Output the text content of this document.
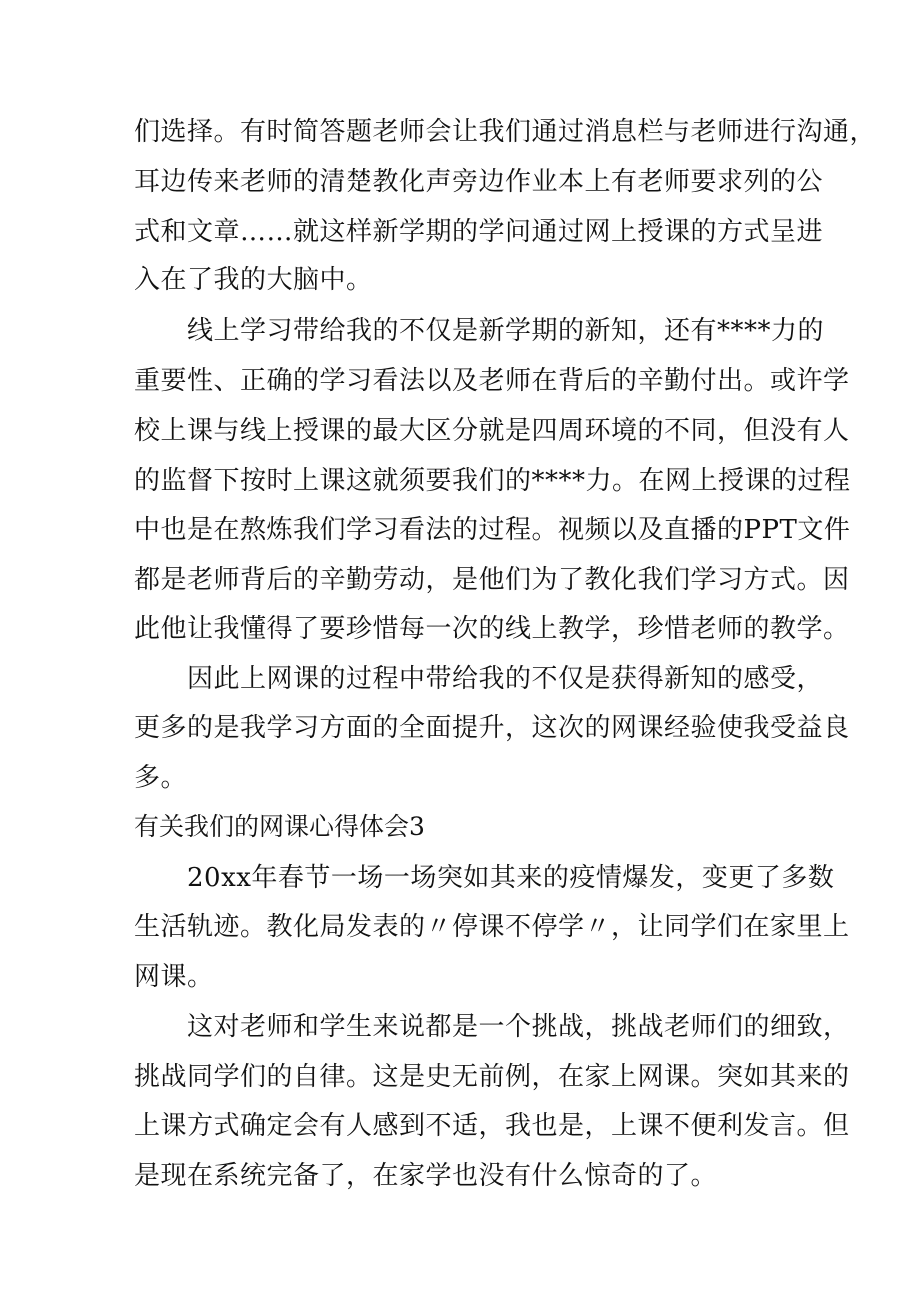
们选择。有时简答题老师会让我们通过消息栏与老师进行沟通，
耳边传来老师的清楚教化声旁边作业本上有老师要求列的公
式和文章……就这样新学期的学问通过网上授课的方式呈进
入在了我的大脑中。
线上学习带给我的不仅是新学期的新知，还有****力的
重要性、正确的学习看法以及老师在背后的辛勤付出。或许学
校上课与线上授课的最大区分就是四周环境的不同，但没有人
的监督下按时上课这就须要我们的****力。在网上授课的过程
中也是在熬炼我们学习看法的过程。视频以及直播的PPT文件
都是老师背后的辛勤劳动，是他们为了教化我们学习方式。因
此他让我懂得了要珍惜每一次的线上教学，珍惜老师的教学。
因此上网课的过程中带给我的不仅是获得新知的感受，
更多的是我学习方面的全面提升，这次的网课经验使我受益良
多。
有关我们的网课心得体会3
20xx年春节一场一场突如其来的疫情爆发，变更了多数
生活轨迹。教化局发表的〃停课不停学〃，让同学们在家里上
网课。
这对老师和学生来说都是一个挑战，挑战老师们的细致，
挑战同学们的自律。这是史无前例，在家上网课。突如其来的
上课方式确定会有人感到不适，我也是，上课不便利发言。但
是现在系统完备了，在家学也没有什么惊奇的了。
